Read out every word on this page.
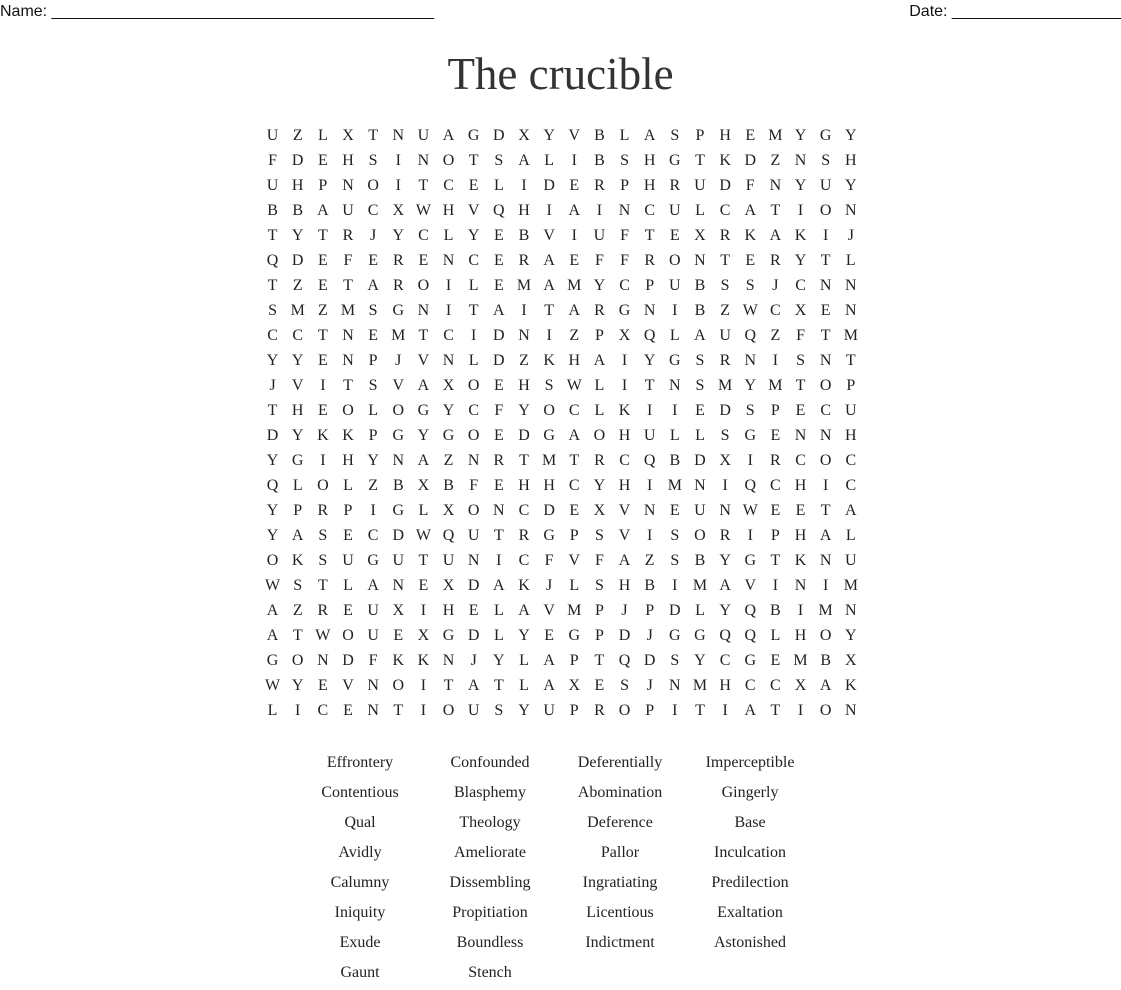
Name: ___________________________________________	Date: ___________________
The crucible
U Z L X T N U A G D X Y V B L A S	P H E M Y G Y
F D E H S	I	N O T S A L	I	B S H G T K D Z N S H
U H P N O	I	T C E L	I	D E R P H R U D F N Y U Y
B B A U C X W H V Q H	I	A	I	N C U L C A T	I	O N
T Y T R	J	Y C L Y E B V	I	U F T E X R K A K	I	J
Q D E F E R E N C E R A E F	F R O N T E R Y T L
T Z E T A R O	I	L E M A M Y C P U B S	S	J	C N N
S M Z M S G N	I	T A	I	T A R G N	I	B Z W C X E N
C C T N E M T C	I	D N	I	Z P X Q L A U Q Z F T M
Y Y E N P	J	V N L D Z K H A	I	Y G S R N	I	S N T
J	V	I	T S V A X O E H S W L	I	T N S M Y M T O P
T H E O L O G Y C F Y O C L K	I	I	E D S	P E C U
D Y K K P G Y G O E D G A O H U L L S G E N N H
Y G	I	H Y N A Z N R T M T R C Q B D X	I	R C O C
Q L O L Z B X B F E H H C Y H	I M N	I	Q C H	I	C
Y P R P	I	G L X O N C D E X V N E U N W E E T A
Y A S E C D W Q U T R G P	S V	I	S O R	I	P H A L
O K S U G U T U N	I	C F V F A Z S B Y G T K N U
W S T L A N E X D A K	J	L S H B	I M A V	I	N	I M
A Z R E U X	I	H E L A V M P	J	P D L Y Q B	I M N
A T W O U E X G D L Y E G P D	J	G G Q Q L H O Y
G O N D F K K N	J	Y L A P T Q D S Y C G E M B X
W Y E V N O	I	T A T L A X E S	J	N M H C C X A K
L	I	C E N T	I	O U S Y U P R O P	I	T	I	A T	I	O N
Effrontery	Confounded	Deferentially	Imperceptible
Contentious	Blasphemy	Abomination	Gingerly
Qual	Theology	Deference	Base
Avidly	Ameliorate	Pallor	Inculcation
Calumny	Dissembling	Ingratiating	Predilection
Iniquity	Propitiation	Licentious	Exaltation
Exude	Boundless	Indictment	Astonished
Gaunt	Stench
